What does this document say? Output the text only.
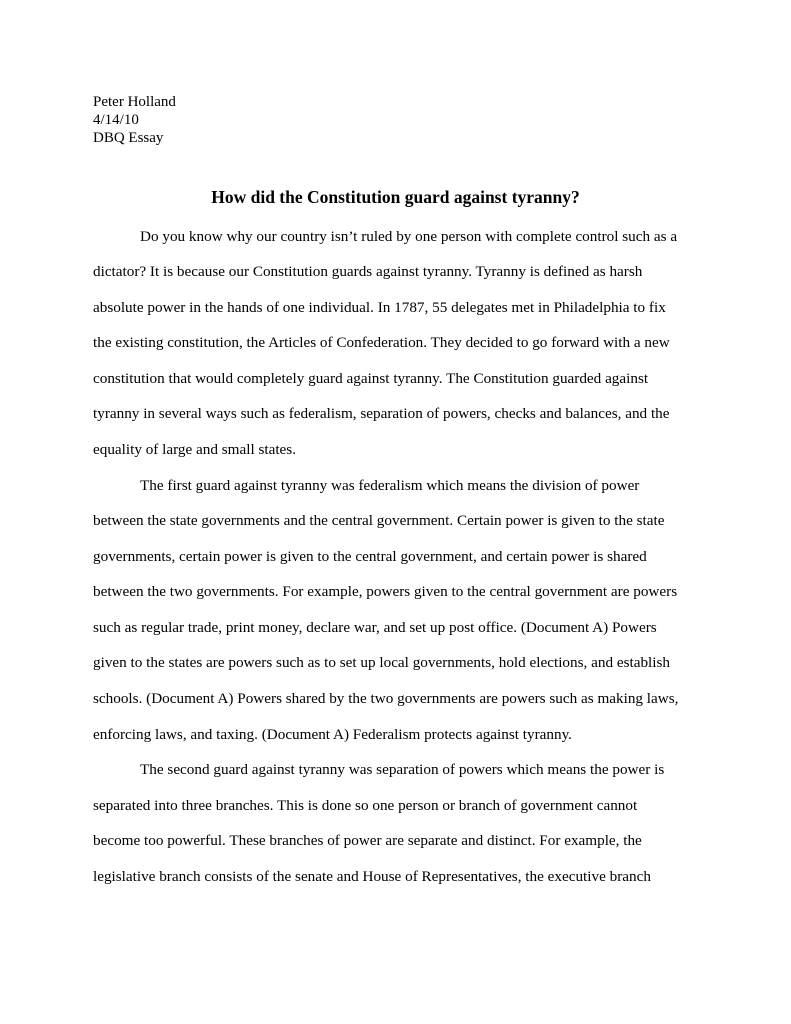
Peter Holland
4/14/10
DBQ Essay
How did the Constitution guard against tyranny?
Do you know why our country isn’t ruled by one person with complete control such as a
dictator? It is because our Constitution guards against tyranny. Tyranny is defined as harsh
absolute power in the hands of one individual. In 1787, 55 delegates met in Philadelphia to fix
the existing constitution, the Articles of Confederation. They decided to go forward with a new
constitution that would completely guard against tyranny. The Constitution guarded against
tyranny in several ways such as federalism, separation of powers, checks and balances, and the
equality of large and small states.
The first guard against tyranny was federalism which means the division of power
between the state governments and the central government. Certain power is given to the state
governments, certain power is given to the central government, and certain power is shared
between the two governments. For example, powers given to the central government are powers
such as regular trade, print money, declare war, and set up post office. (Document A) Powers
given to the states are powers such as to set up local governments, hold elections, and establish
schools. (Document A) Powers shared by the two governments are powers such as making laws,
enforcing laws, and taxing. (Document A) Federalism protects against tyranny.
The second guard against tyranny was separation of powers which means the power is
separated into three branches. This is done so one person or branch of government cannot
become too powerful. These branches of power are separate and distinct. For example, the
legislative branch consists of the senate and House of Representatives, the executive branch
